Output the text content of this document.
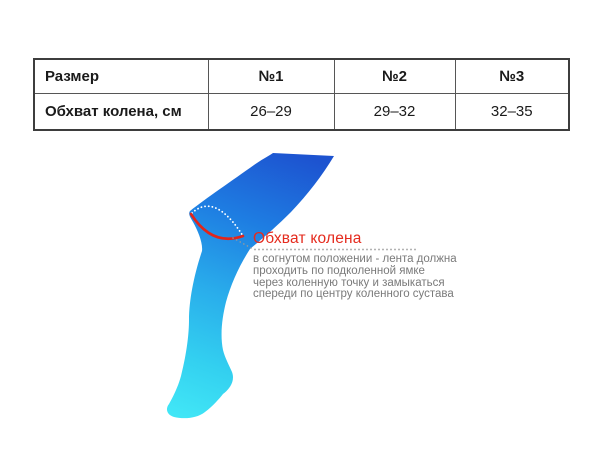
Размер	№1	№2	№3
Обхват колена, см	26–29	29–32	32–35
Обхват колена
в согнутом положении - лента должна
проходить по подколенной ямке
через коленную точку и замыкаться
спереди по центру коленного сустава
